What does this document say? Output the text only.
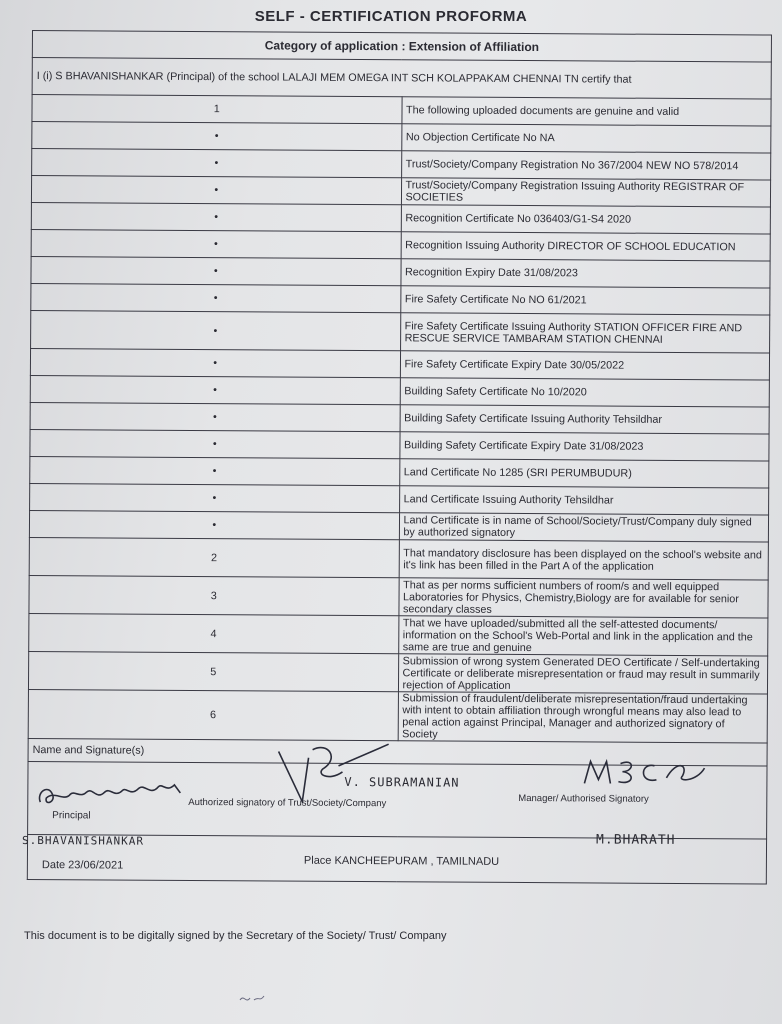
SELF - CERTIFICATION PROFORMA
Category of application : Extension of Affiliation	
I (i) S BHAVANISHANKAR (Principal) of the school LALAJI MEM OMEGA INT SCH KOLAPPAKAM CHENNAI TN certify that	
1	The following uploaded documents are genuine and valid
•	No Objection Certificate No NA
•	Trust/Society/Company Registration No 367/2004 NEW NO 578/2014
•	Trust/Society/Company Registration Issuing Authority REGISTRAR OF SOCIETIES
•	Recognition Certificate No 036403/G1-S4 2020
•	Recognition Issuing Authority DIRECTOR OF SCHOOL EDUCATION
•	Recognition Expiry Date 31/08/2023
•	Fire Safety Certificate No NO 61/2021
•	Fire Safety Certificate Issuing Authority STATION OFFICER FIRE AND RESCUE SERVICE TAMBARAM STATION CHENNAI
•	Fire Safety Certificate Expiry Date 30/05/2022
•	Building Safety Certificate No 10/2020
•	Building Safety Certificate Issuing Authority Tehsildhar
•	Building Safety Certificate Expiry Date 31/08/2023
•	Land Certificate No 1285 (SRI PERUMBUDUR)
•	Land Certificate Issuing Authority Tehsildhar
•	Land Certificate is in name of School/Society/Trust/Company duly signed by authorized signatory
2	That mandatory disclosure has been displayed on the school's website and it's link has been filled in the Part A of the application
3	That as per norms sufficient numbers of room/s and well equipped Laboratories for Physics, Chemistry,Biology are for available for senior secondary classes
4	That we have uploaded/submitted all the self-attested documents/ information on the School's Web-Portal and link in the application and the same are true and genuine
5	Submission of wrong system Generated DEO Certificate / Self-undertaking Certificate or deliberate misrepresentation or fraud may result in summarily rejection of Application
6	Submission of fraudulent/deliberate misrepresentation/fraud undertaking with intent to obtain affiliation through wrongful means may also lead to penal action against Principal, Manager and authorized signatory of Society
Name and Signature(s)	

Principal
V. SUBRAMANIAN
Authorized signatory of Trust/Society/Company Manager/ Authorised Signatory	

S.BHAVANISHANKAR M.BHARATH
Date 23/06/2021 Place KANCHEEPURAM , TAMILNADU	
This document is to be digitally signed by the Secretary of the Society/ Trust/ Company
